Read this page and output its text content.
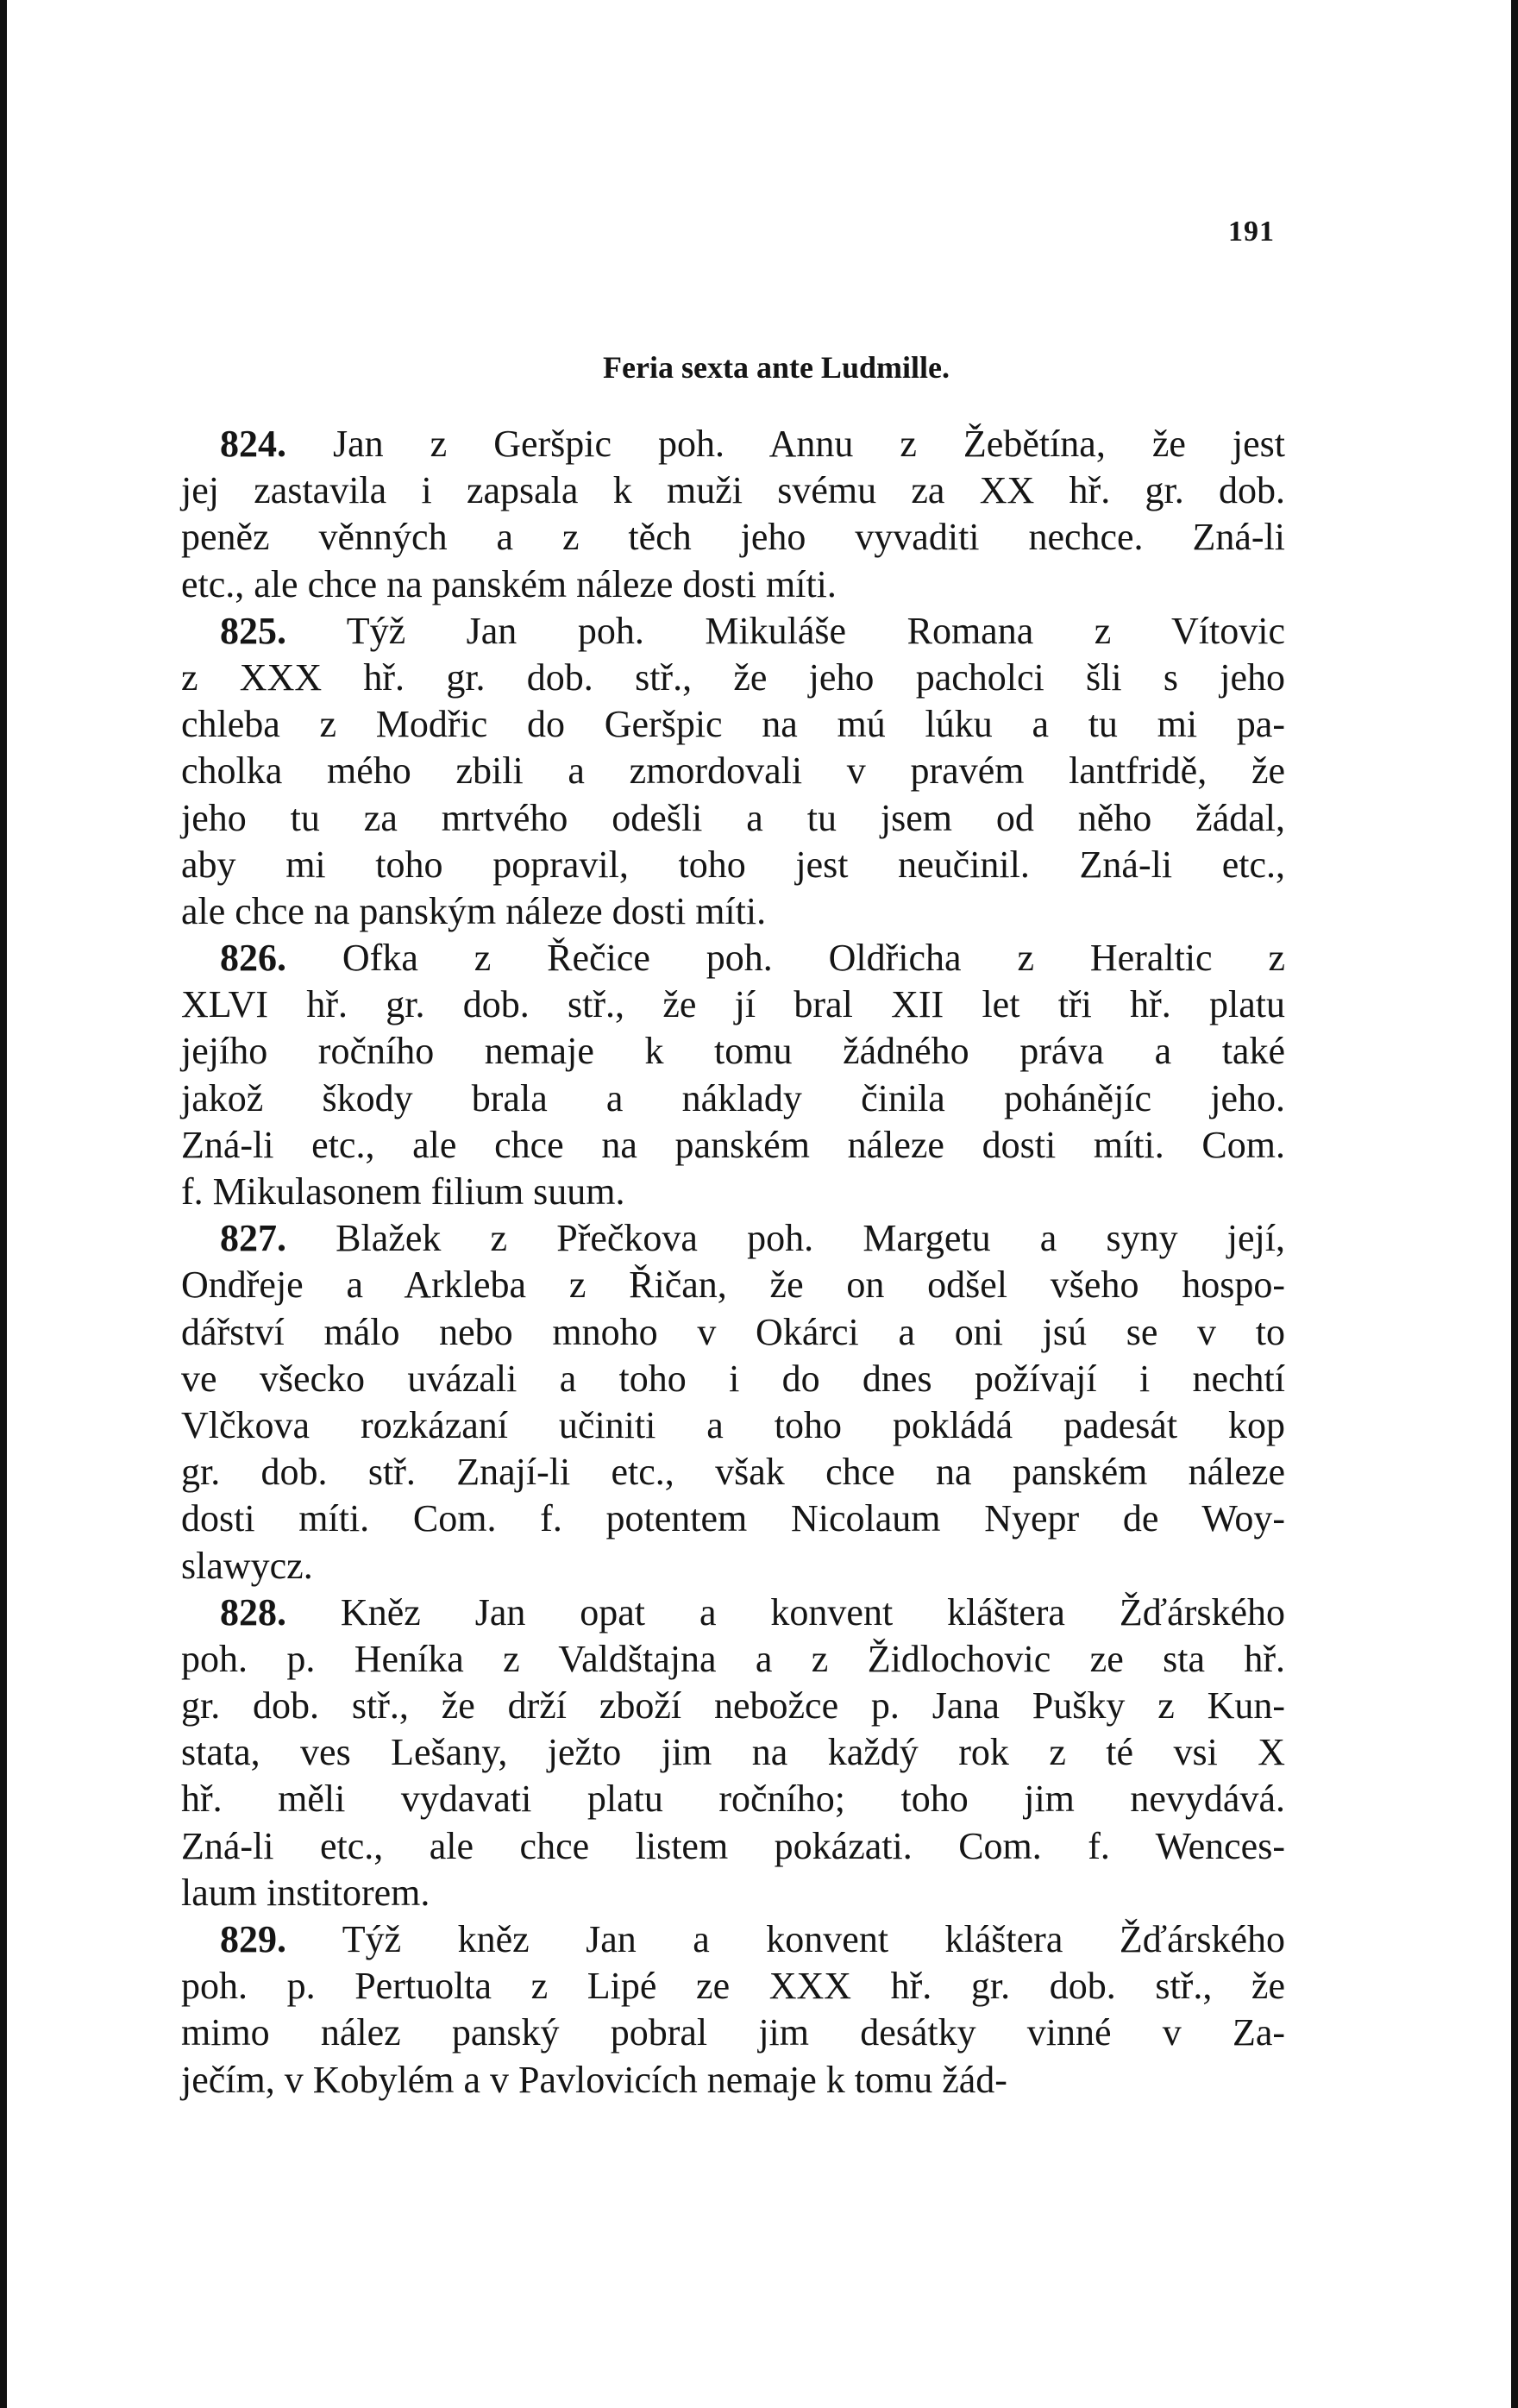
191
Feria sexta ante Ludmille.
824. Jan z Geršpic poh. Annu z Žebětína, že jest
jej zastavila i zapsala k muži svému za XX hř. gr. dob.
peněz věnných a z těch jeho vyvaditi nechce. Zná-li
etc., ale chce na panském náleze dosti míti.
825. Týž Jan poh. Mikuláše Romana z Vítovic
z XXX hř. gr. dob. stř., že jeho pacholci šli s jeho
chleba z Modřic do Geršpic na mú lúku a tu mi pa-
cholka mého zbili a zmordovali v pravém lantfridě, že
jeho tu za mrtvého odešli a tu jsem od něho žádal,
aby mi toho popravil, toho jest neučinil. Zná-li etc.,
ale chce na panským náleze dosti míti.
826. Ofka z Řečice poh. Oldřicha z Heraltic z
XLVI hř. gr. dob. stř., že jí bral XII let tři hř. platu
jejího ročního nemaje k tomu žádného práva a také
jakož škody brala a náklady činila pohánějíc jeho.
Zná-li etc., ale chce na panském náleze dosti míti. Com.
f. Mikulasonem filium suum.
827. Blažek z Přečkova poh. Margetu a syny její,
Ondřeje a Arkleba z Řičan, že on odšel všeho hospo-
dářství málo nebo mnoho v Okárci a oni jsú se v to
ve všecko uvázali a toho i do dnes požívají i nechtí
Vlčkova rozkázaní učiniti a toho pokládá padesát kop
gr. dob. stř. Znají-li etc., však chce na panském náleze
dosti míti. Com. f. potentem Nicolaum Nyepr de Woy-
slawycz.
828. Kněz Jan opat a konvent kláštera Žďárského
poh. p. Heníka z Valdštajna a z Židlochovic ze sta hř.
gr. dob. stř., že drží zboží nebožce p. Jana Pušky z Kun-
stata, ves Lešany, ježto jim na každý rok z té vsi X
hř. měli vydavati platu ročního; toho jim nevydává.
Zná-li etc., ale chce listem pokázati. Com. f. Wences-
laum institorem.
829. Týž kněz Jan a konvent kláštera Žďárského
poh. p. Pertuolta z Lipé ze XXX hř. gr. dob. stř., že
mimo nález panský pobral jim desátky vinné v Za-
ječím, v Kobylém a v Pavlovicích nemaje k tomu žád-
